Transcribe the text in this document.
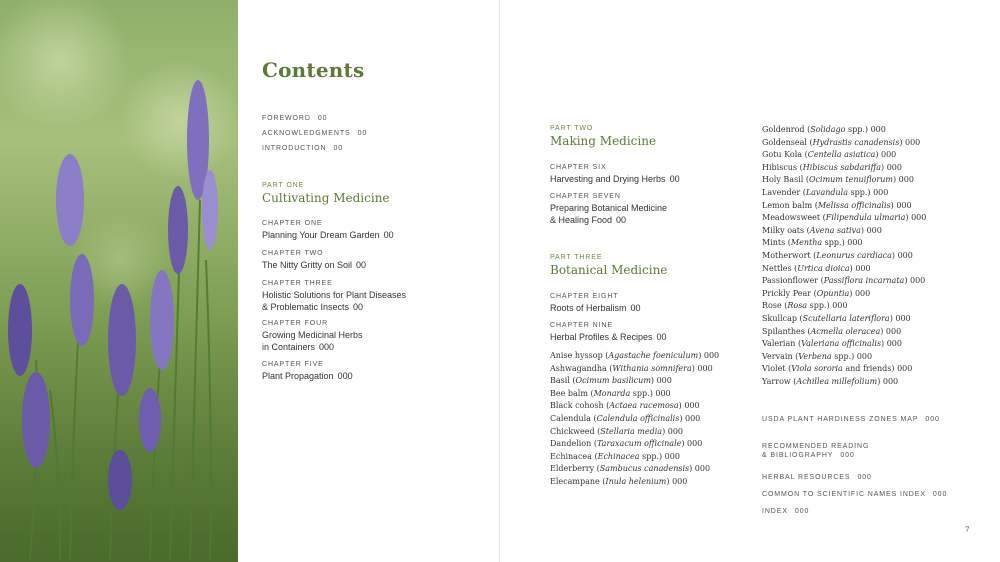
Contents
FOREWORD 00
ACKNOWLEDGMENTS 00
INTRODUCTION 00
PART ONE
Cultivating Medicine
CHAPTER ONE
Planning Your Dream Garden 00
CHAPTER TWO
The Nitty Gritty on Soil 00
CHAPTER THREE
Holistic Solutions for Plant Diseases
& Problematic Insects 00
CHAPTER FOUR
Growing Medicinal Herbs
in Containers 000
CHAPTER FIVE
Plant Propagation 000
PART TWO
Making Medicine
CHAPTER SIX
Harvesting and Drying Herbs 00
CHAPTER SEVEN
Preparing Botanical Medicine
& Healing Food 00
PART THREE
Botanical Medicine
CHAPTER EIGHT
Roots of Herbalism 00
CHAPTER NINE
Herbal Profiles & Recipes 00
Anise hyssop (Agastache foeniculum) 000
Ashwagandha (Withania somnifera) 000
Basil (Ocimum basilicum) 000
Bee balm (Monarda spp.) 000
Black cohosh (Actaea racemosa) 000
Calendula (Calendula officinalis) 000
Chickweed (Stellaria media) 000
Dandelion (Taraxacum officinale) 000
Echinacea (Echinacea spp.) 000
Elderberry (Sambucus canadensis) 000
Elecampane (Inula helenium) 000
Goldenrod (Solidago spp.) 000
Goldenseal (Hydrastis canadensis) 000
Gotu Kola (Centella asiatica) 000
Hibiscus (Hibiscus sabdariffa) 000
Holy Basil (Ocimum tenuiflorum) 000
Lavender (Lavandula spp.) 000
Lemon balm (Melissa officinalis) 000
Meadowsweet (Filipendula ulmaria) 000
Milky oats (Avena sativa) 000
Mints (Mentha spp.) 000
Motherwort (Leonurus cardiaca) 000
Nettles (Urtica dioica) 000
Passionflower (Passiflora incarnata) 000
Prickly Pear (Opuntia) 000
Rose (Rosa spp.) 000
Skullcap (Scutellaria lateriflora) 000
Spilanthes (Acmella oleracea) 000
Valerian (Valeriana officinalis) 000
Vervain (Verbena spp.) 000
Violet (Viola sororia and friends) 000
Yarrow (Achillea millefolium) 000
USDA PLANT HARDINESS ZONES MAP 000
RECOMMENDED READING
& BIBLIOGRAPHY 000
HERBAL RESOURCES 000
COMMON TO SCIENTIFIC NAMES INDEX 000
INDEX 000
7
